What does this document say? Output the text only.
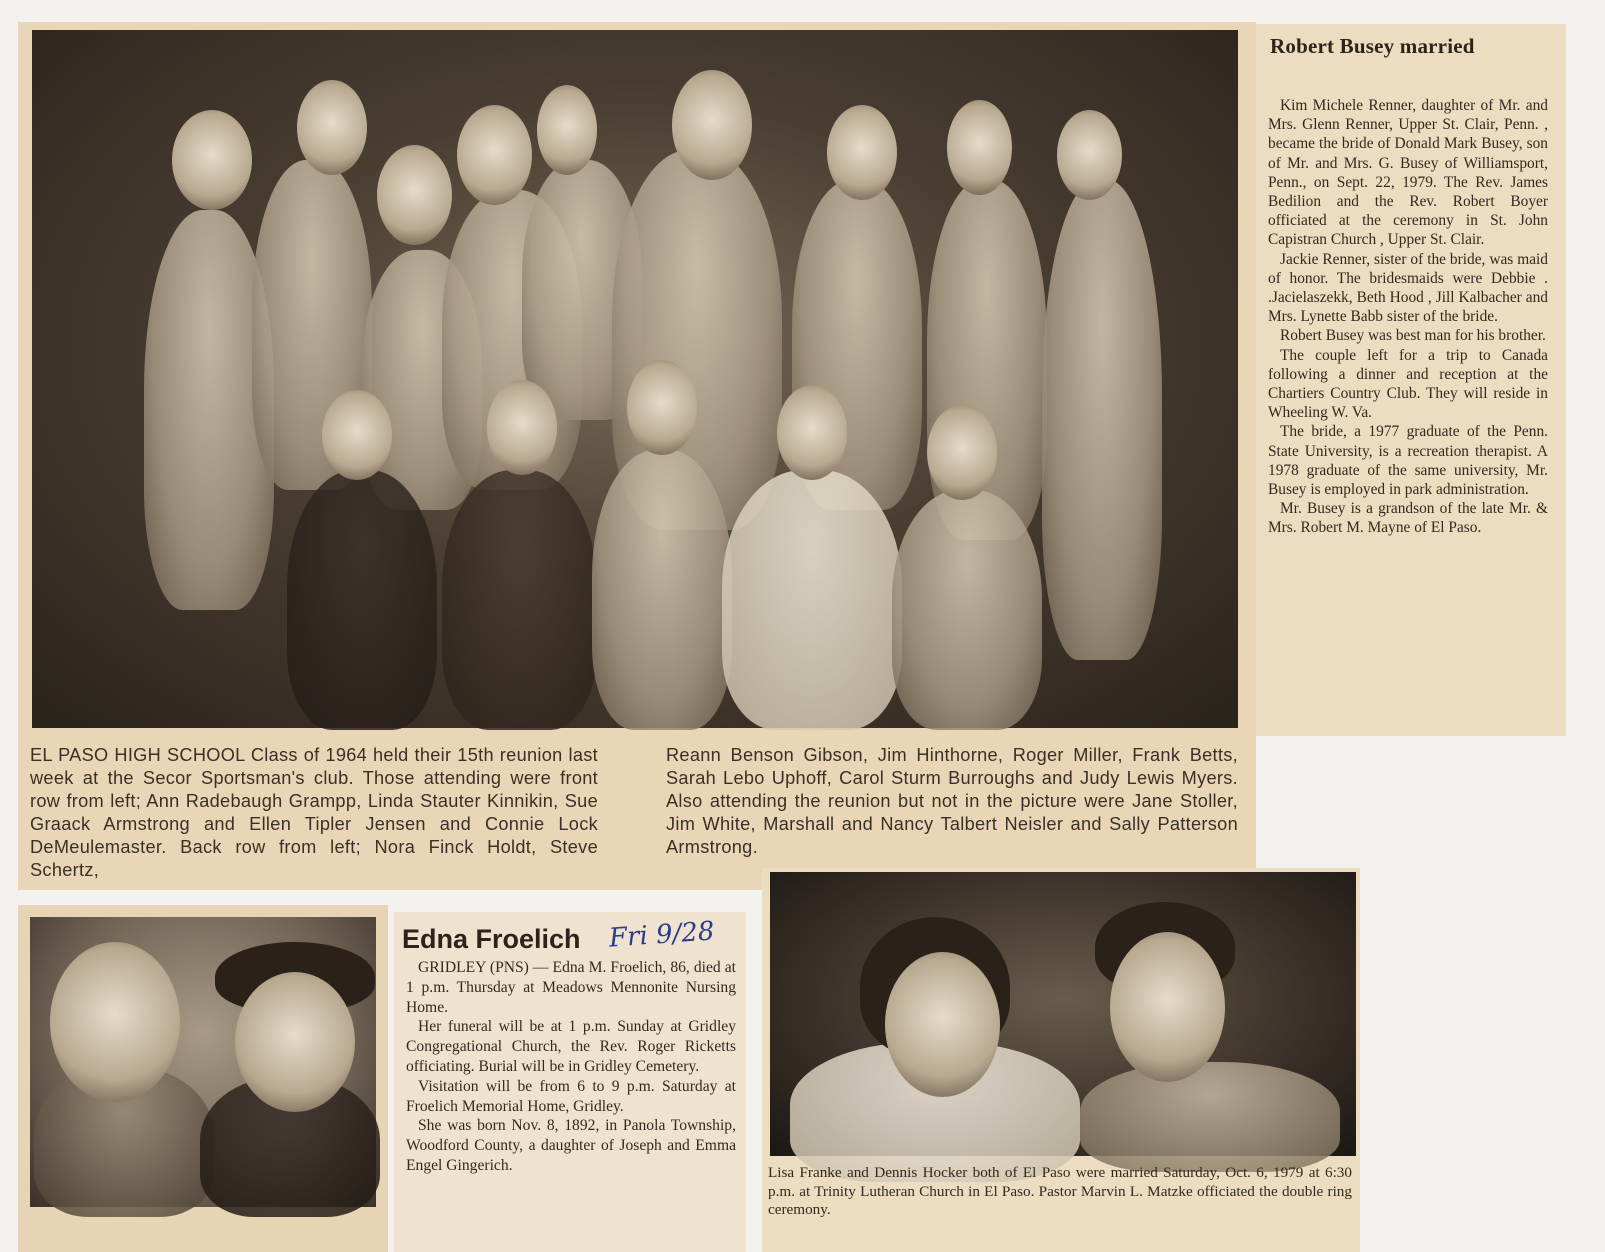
EL PASO HIGH SCHOOL Class of 1964 held their 15th reunion last week at the Secor Sportsman's club. Those attending were front row from left; Ann Radebaugh Grampp, Linda Stauter Kinnikin, Sue Graack Armstrong and Ellen Tipler Jensen and Connie Lock DeMeulemaster. Back row from left; Nora Finck Holdt, Steve Schertz,
Reann Benson Gibson, Jim Hinthorne, Roger Miller, Frank Betts, Sarah Lebo Uphoff, Carol Sturm Burroughs and Judy Lewis Myers. Also attending the reunion but not in the picture were Jane Stoller, Jim White, Marshall and Nancy Talbert Neisler and Sally Patterson Armstrong.
Robert Busey married

Kim Michele Renner, daughter of Mr. and Mrs. Glenn Renner, Upper St. Clair, Penn. , became the bride of Donald Mark Busey, son of Mr. and Mrs. G. Busey of Williamsport, Penn., on Sept. 22, 1979. The Rev. James Bedilion and the Rev. Robert Boyer officiated at the ceremony in St. John Capistran Church , Upper St. Clair.

Jackie Renner, sister of the bride, was maid of honor. The bridesmaids were Debbie . .Jacielaszekk, Beth Hood , Jill Kalbacher and Mrs. Lynette Babb sister of the bride.

Robert Busey was best man for his brother.

The couple left for a trip to Canada following a dinner and reception at the Chartiers Country Club. They will reside in Wheeling W. Va.

The bride, a 1977 graduate of the Penn. State University, is a recreation therapist. A 1978 graduate of the same university, Mr. Busey is employed in park administration.

Mr. Busey is a grandson of the late Mr. & Mrs. Robert M. Mayne of El Paso.

Edna Froelich Fri 9/28

GRIDLEY (PNS) — Edna M. Froelich, 86, died at 1 p.m. Thursday at Meadows Mennonite Nursing Home.

Her funeral will be at 1 p.m. Sunday at Gridley Congregational Church, the Rev. Roger Ricketts officiating. Burial will be in Gridley Cemetery.

Visitation will be from 6 to 9 p.m. Saturday at Froelich Memorial Home, Gridley.

She was born Nov. 8, 1892, in Panola Township, Woodford County, a daughter of Joseph and Emma Engel Gingerich.	Lisa Franke and Dennis Hocker both of El Paso were married Saturday, Oct. 6, 1979 at 6:30 p.m. at Trinity Lutheran Church in El Paso. Pastor Marvin L. Matzke officiated the double ring ceremony.
